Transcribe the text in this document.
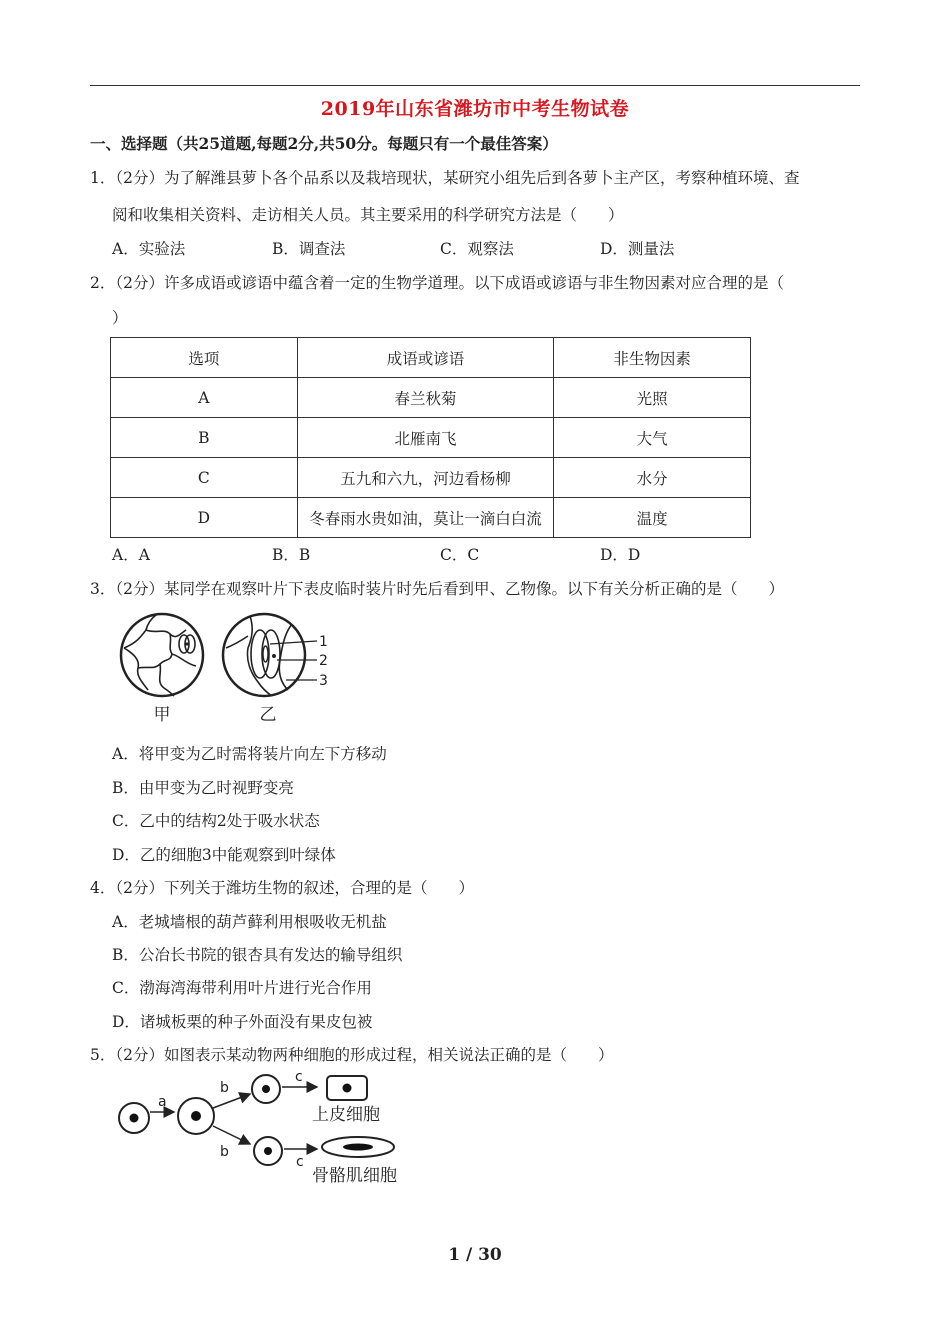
2019年山东省潍坊市中考生物试卷
一、选择题（共25道题,每题2分,共50分。每题只有一个最佳答案）
1．（2分）为了解潍县萝卜各个品系以及栽培现状，某研究小组先后到各萝卜主产区，考察种植环境、查
阅和收集相关资料、走访相关人员。其主要采用的科学研究方法是（　　）
A．实验法	B．调查法	C．观察法	D．测量法
2．（2分）许多成语或谚语中蕴含着一定的生物学道理。以下成语或谚语与非生物因素对应合理的是（
）
选项	成语或谚语	非生物因素
A	春兰秋菊	光照
B	北雁南飞	大气
C	五九和六九，河边看杨柳	水分
D	冬春雨水贵如油，莫让一滴白白流	温度
A．A	B．B	C．C	D．D
3．（2分）某同学在观察叶片下表皮临时装片时先后看到甲、乙物像。以下有关分析正确的是（　　）
甲
1
2
3
乙
A．将甲变为乙时需将装片向左下方移动
B．由甲变为乙时视野变亮
C．乙中的结构2处于吸水状态
D．乙的细胞3中能观察到叶绿体
4．（2分）下列关于潍坊生物的叙述，合理的是（　　）
A．老城墙根的葫芦藓利用根吸收无机盐
B．公冶长书院的银杏具有发达的输导组织
C．渤海湾海带利用叶片进行光合作用
D．诸城板栗的种子外面没有果皮包被
5．（2分）如图表示某动物两种细胞的形成过程，相关说法正确的是（　　）
a
b
c
上皮细胞
b
c
骨骼肌细胞
1 / 30
